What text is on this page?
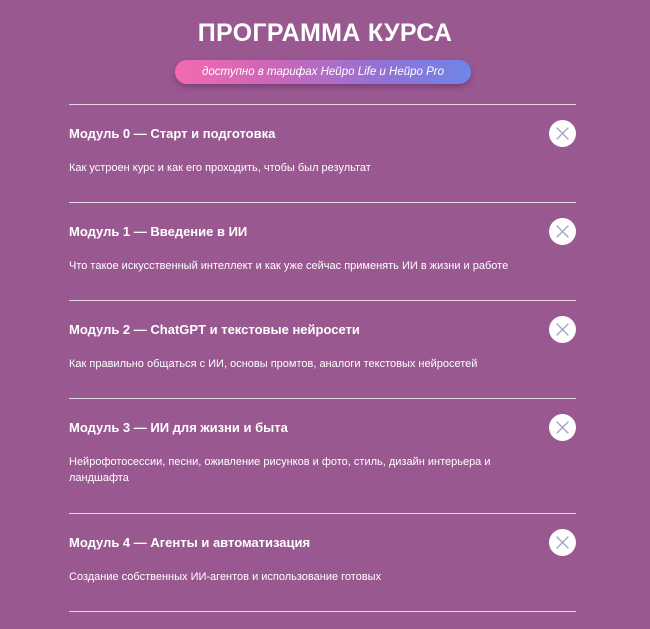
ПРОГРАММА КУРСА
доступно в тарифах Нейро Life и Нейро Pro
Модуль 0 — Старт и подготовка
Как устроен курс и как его проходить, чтобы был результат
Модуль 1 — Введение в ИИ
Что такое искусственный интеллект и как уже сейчас применять ИИ в жизни и работе
Модуль 2 — ChatGPT и текстовые нейросети
Как правильно общаться с ИИ, основы промтов, аналоги текстовых нейросетей
Модуль 3 — ИИ для жизни и быта
Нейрофотосессии, песни, оживление рисунков и фото, стиль, дизайн интерьера и ландшафта
Модуль 4 — Агенты и автоматизация
Создание собственных ИИ-агентов и использование готовых
